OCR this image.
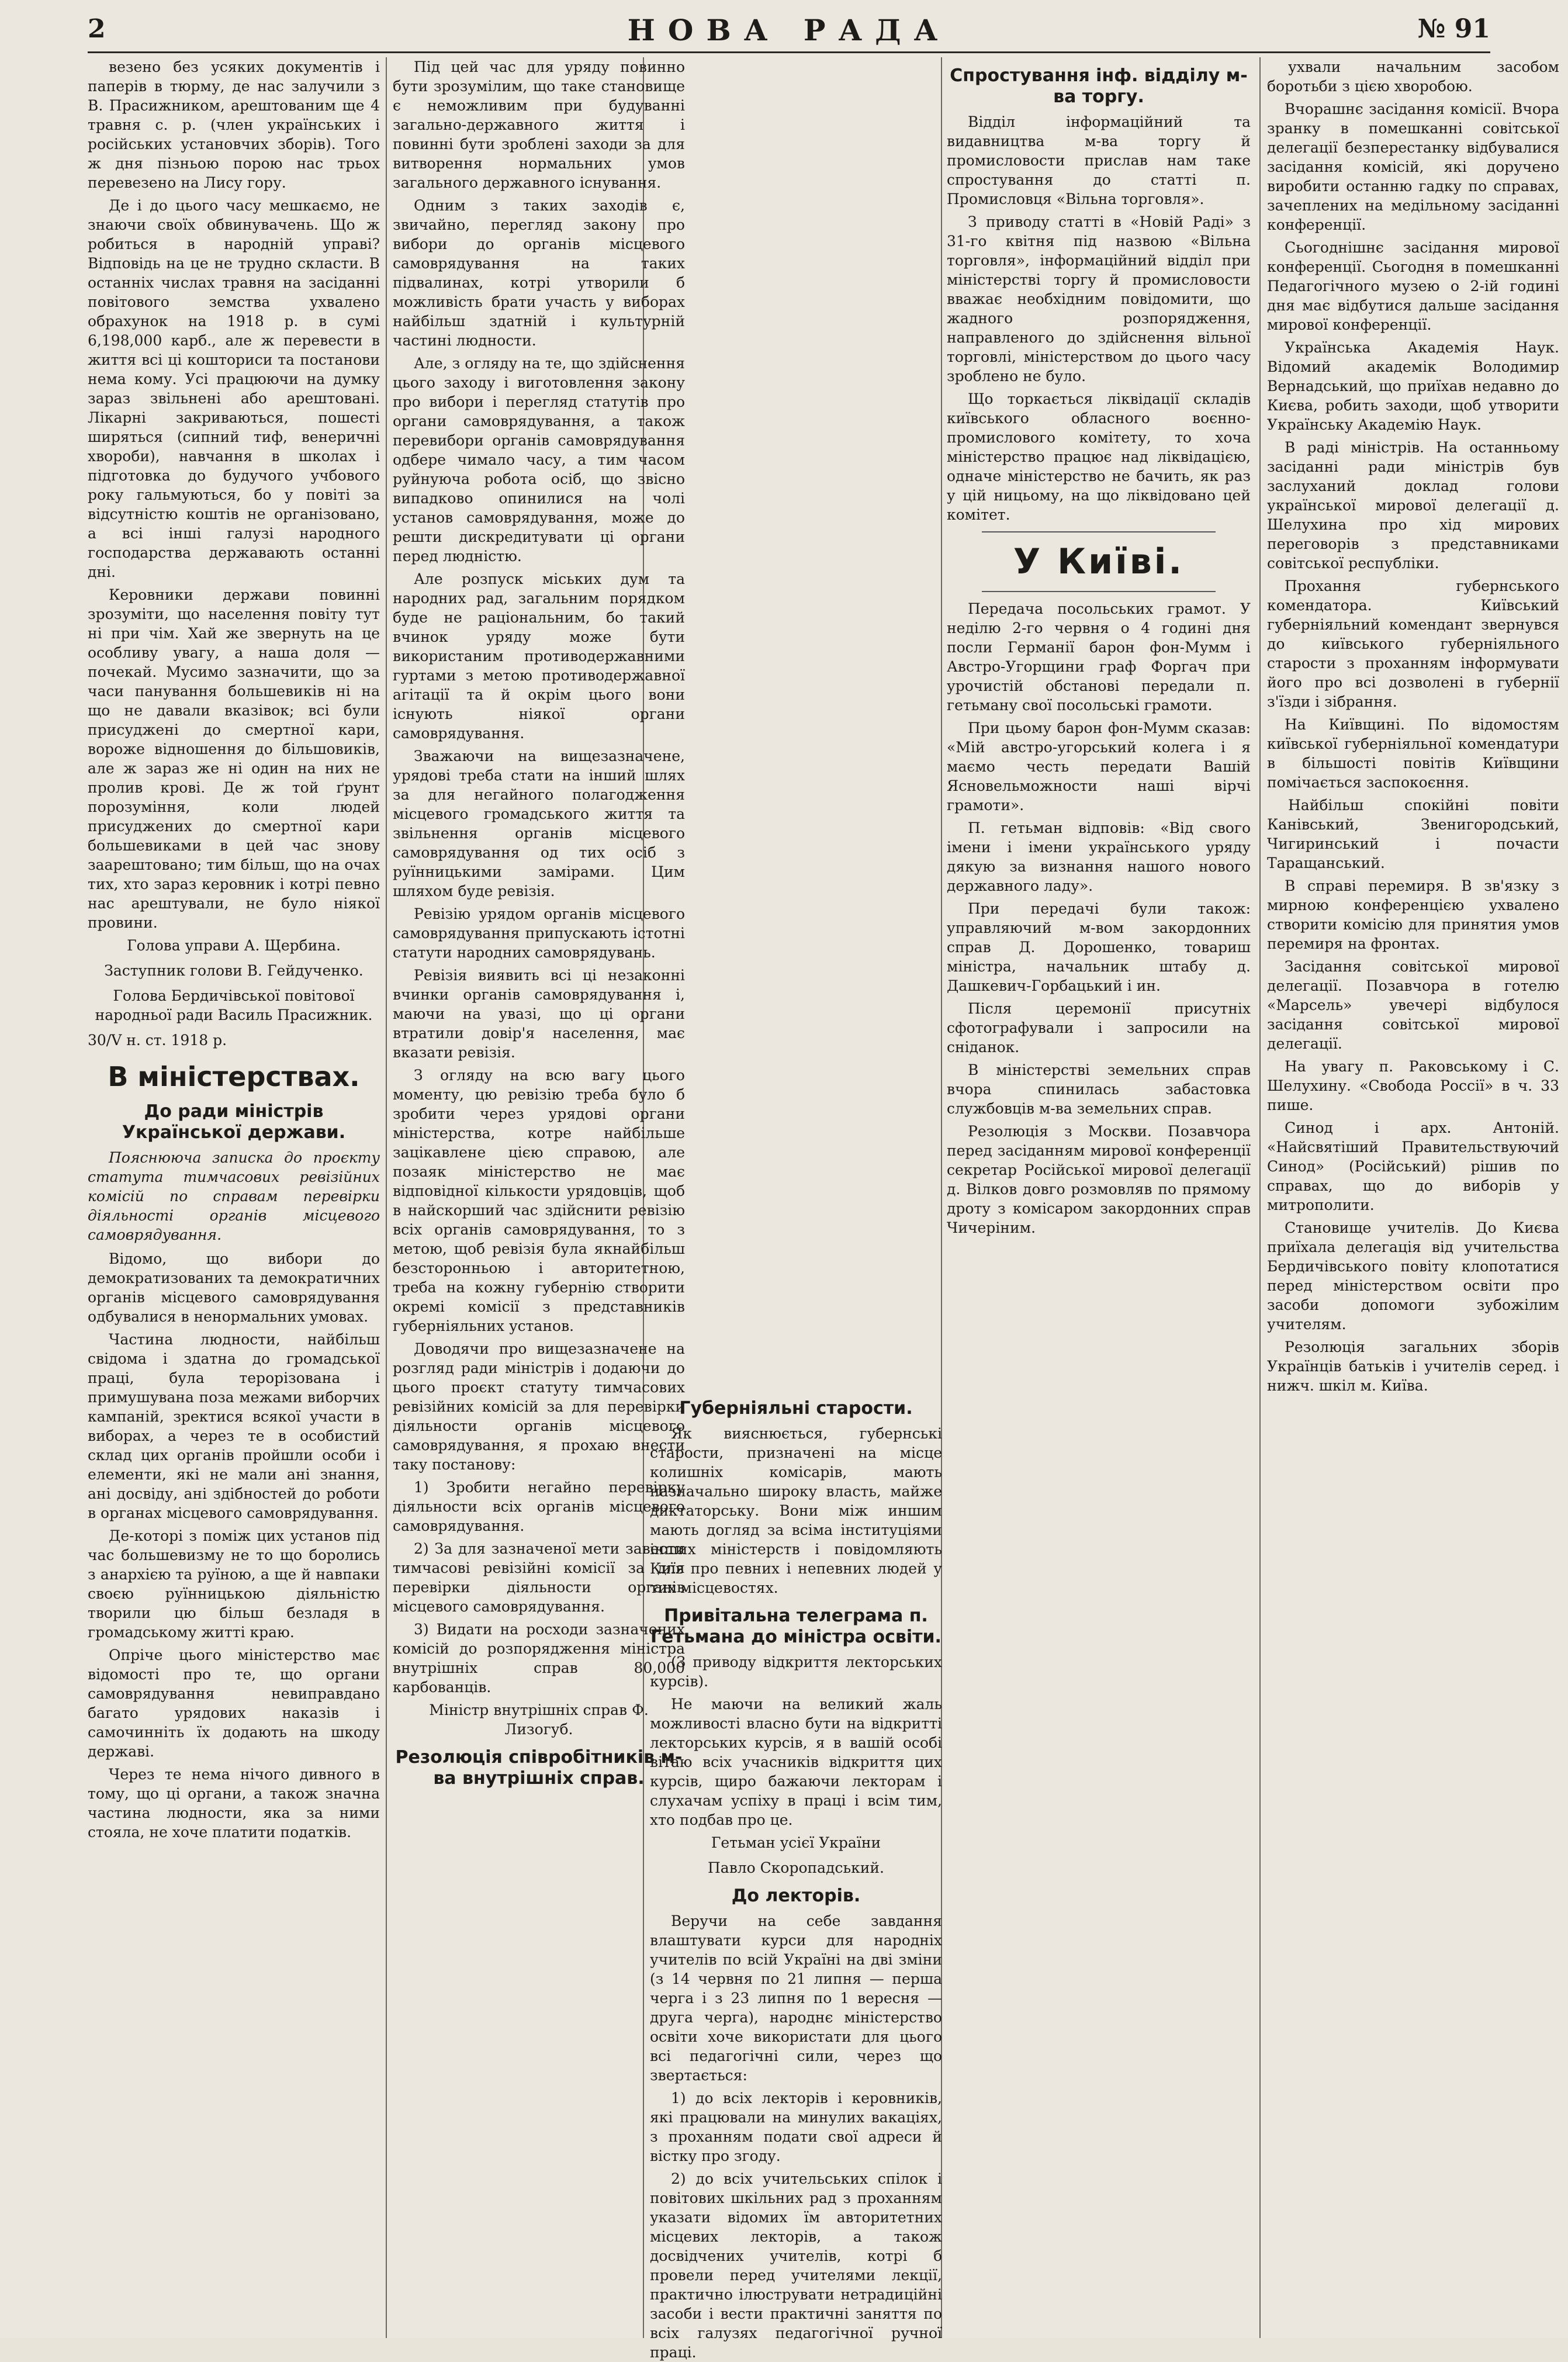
2	НОВА РАДА	№ 91

везено без усяких документів і паперів в тюрму, де нас залучили з В. Прасижником, арештованим ще 4 травня с. р. (член українських і російських установчих зборів). Того ж дня пізньою порою нас трьох перевезено на Лису гору.

Де і до цього часу мешкаємо, не знаючи своїх обвинувачень. Що ж робиться в народній управі? Відповідь на це не трудно скласти. В останніх числах травня на засіданні повітового земства ухвалено обрахунок на 1918 р. в сумі 6,198,000 карб., але ж перевести в життя всі ці кошториси та постанови нема кому. Усі працюючи на думку зараз звільнені або арештовані. Лікарні закриваються, пошесті ширяться (сипний тиф, венеричні хвороби), навчання в школах і підготовка до будучого учбового року гальмуються, бо у повіті за відсутністю коштів не організовано, а всі інші галузі народного господарства державають останні дні.

Керовники держави повинні зрозуміти, що населення повіту тут ні при чім. Хай же звернуть на це особливу увагу, а наша доля — почекай. Мусимо зазначити, що за часи панування большевиків ні на що не давали вказівок; всі були присуджені до смертної кари, вороже відношення до більшовиків, але ж зараз же ні один на них не пролив крові. Де ж той ґрунт порозуміння, коли людей присуджених до смертної кари большевиками в цей час знову заарештовано; тим більш, що на очах тих, хто зараз керовник і котрі певно нас арештували, не було ніякої провини.

Голова управи А. Щербина.

Заступник голови В. Гейдученко.

Голова Бердичівської повітової народньої ради Василь Прасижник.

30/V н. ст. 1918 р.

В міністерствах.
До ради міністрів Української держави.

Пояснююча записка до проєкту статута тимчасових ревізійних комісій по справам перевірки діяльності органів місцевого самоврядування.

Відомо, що вибори до демократизованих та демократичних органів місцевого самоврядування одбувалися в ненормальних умовах.

Частина людности, найбільш свідома і здатна до громадської праці, була терорізована і примушувана поза межами виборчих кампаній, зректися всякої участи в виборах, а через те в особистий склад цих органів пройшли особи і елементи, які не мали ані знання, ані досвіду, ані здібностей до роботи в органах місцевого самоврядування.

Де-которі з поміж цих установ під час большевизму не то що боролись з анархією та руїною, а ще й навпаки своєю руїнницькою діяльністю творили цю більш безладя в громадському житті краю.

Опріче цього міністерство має відомості про те, що органи самоврядування невиправдано багато урядових наказів і самочинніть їх додають на шкоду державі.

Через те нема нічого дивного в тому, що ці органи, а також значна частина людности, яка за ними стояла, не хоче платити податків.

Під цей час для уряду повинно бути зрозумілим, що таке становище є неможливим при будуванні загально-державного життя і повинні бути зроблені заходи за для витворення нормальних умов загального державного існування.

Одним з таких заходів є, звичайно, перегляд закону про вибори до органів місцевого самоврядування на таких підвалинах, котрі утворили б можливість брати участь у виборах найбільш здатній і культурній частині людности.

Але, з огляду на те, що здійснення цього заходу і виготовлення закону про вибори і перегляд статутів про органи самоврядування, а також перевибори органів самоврядування одбере чимало часу, а тим часом руйнуюча робота осіб, що звісно випадково опинилися на чолі установ самоврядування, може до решти дискредитувати ці органи перед людністю.

Але розпуск міських дум та народних рад, загальним порядком буде не раціональним, бо такий вчинок уряду може бути використаним противодержавними гуртами з метою противодержавної агітації та й окрім цього вони існують ніякої органи самоврядування.

Зважаючи на вищезазначене, урядові треба стати на інший шлях за для негайного полагодження місцевого громадського життя та звільнення органів місцевого самоврядування од тих осіб з руїнницькими замірами. Цим шляхом буде ревізія.

Ревізію урядом органів місцевого самоврядування припускають істотні статути народних самоврядувань.

Ревізія виявить всі ці незаконні вчинки органів самоврядування і, маючи на увазі, що ці органи втратили довір'я населення, має вказати ревізія.

З огляду на всю вагу цього моменту, цю ревізію треба було б зробити через урядові органи міністерства, котре найбільше зацікавлене цією справою, але позаяк міністерство не має відповідної кількости урядовців, щоб в найскорший час здійснити ревізію всіх органів самоврядування, то з метою, щоб ревізія була якнайбільш безсторонньою і авторитетною, треба на кожну губернію створити окремі комісії з представників губерніяльних установ.

Доводячи про вищезазначене на розгляд ради міністрів і додаючи до цього проєкт статуту тимчасових ревізійних комісій за для перевірки діяльности органів місцевого самоврядування, я прохаю внести таку постанову:

1) Зробити негайно перевірку діяльности всіх органів місцевого самоврядування.

2) За для зазначеної мети завести тимчасові ревізійні комісії за для перевірки діяльности органів місцевого самоврядування.

3) Видати на росходи зазначених комісій до розпорядження міністра внутрішніх справ 80,000 карбованців.

Міністр внутрішніх справ Ф. Лизогуб.

Резолюція співробітників м-ва внутрішніх справ.
Губерніяльні старости.

Як вияснюється, губернські старости, призначені на місце колишніх комісарів, мають назначально широку власть, майже диктаторську. Вони між иншим мають догляд за всіма інституціями інших міністерств і повідомляють Київ про певних і непевних людей у тих місцевостях.

Привітальна телеграма п. Гетьмана до міністра освіти.

(З приводу відкриття лекторських курсів).

Не маючи на великий жаль можливості власно бути на відкритті лекторських курсів, я в вашій особі вітаю всіх учасників відкриття цих курсів, щиро бажаючи лекторам і слухачам успіху в праці і всім тим, хто подбав про це.

Гетьман усієї України

Павло Скоропадський.

До лекторів.

Веручи на себе завдання влаштувати курси для народніх учителів по всій Україні на дві зміни (з 14 червня по 21 липня — перша черга і з 23 липня по 1 вересня — друга черга), народнє міністерство освіти хоче використати для цього всі педагогічні сили, через що звертається:

1) до всіх лекторів і керовників, які працювали на минулих вакаціях, з проханням подати свої адреси й вістку про згоду.

2) до всіх учительських спілок і повітових шкільних рад з проханням указати відомих їм авторитетних місцевих лекторів, а також досвідчених учителів, котрі б провели перед учителями лекції, практично ілюструвати нетрадиційні засоби і вести практичні заняття по всіх галузях педагогічної ручної праці.

Спростування інф. відділу м-ва торгу.

Відділ інформаційний та видавництва м-ва торгу й промисловости прислав нам таке спростування до статті п. Промисловця «Вільна торговля».

З приводу статті в «Новій Раді» з 31-го квітня під назвою «Вільна торговля», інформаційний відділ при міністерстві торгу й промисловости вважає необхідним повідомити, що жадного розпорядження, направленого до здійснення вільної торговлі, міністерством до цього часу зроблено не було.

Що торкається ліквідації складів київського обласного воєнно-промислового комітету, то хоча міністерство працює над ліквідацією, одначе міністерство не бачить, як раз у цій ницьому, на що ліквідовано цей комітет.

У Київі.

Передача посольських грамот. У неділю 2-го червня о 4 годині дня посли Германії барон фон-Мумм і Австро-Угорщини граф Форгач при урочистій обстанові передали п. гетьману свої посольські грамоти.

При цьому барон фон-Мумм сказав: «Мій австро-угорський колега і я маємо честь передати Вашій Ясновельможности наші вірчі грамоти».

П. гетьман відповів: «Від свого імени і імени українського уряду дякую за визнання нашого нового державного ладу».

При передачі були також: управляючий м-вом закордонних справ Д. Дорошенко, товариш міністра, начальник штабу д. Дашкевич-Горбацький і ин.

Після церемонії присутніх сфотографували і запросили на сніданок.

В міністерстві земельних справ вчора спинилась забастовка службовців м-ва земельних справ.

Резолюція з Москви. Позавчора перед засіданням мирової конференції секретар Російської мирової делегації д. Вілков довго розмовляв по прямому дроту з комісаром закордонних справ Чичеріним.

ухвали начальним засобом боротьби з цією хворобою.

Вчорашнє засідання комісії. Вчора зранку в помешканні совітської делегації безперестанку відбувалися засідання комісій, які доручено виробити останню гадку по справах, зачеплених на медільному засіданні конференції.

Сьогоднішнє засідання мирової конференції. Сьогодня в помешканні Педагогічного музею о 2-ій годині дня має відбутися дальше засідання мирової конференції.

Українська Академія Наук. Відомий академік Володимир Вернадський, що приїхав недавно до Києва, робить заходи, щоб утворити Українську Академію Наук.

В раді міністрів. На останньому засіданні ради міністрів був заслуханий доклад голови української мирової делегації д. Шелухина про хід мирових переговорів з представниками совітської республіки.

Прохання губернського комендатора. Київський губерніяльний комендант звернувся до київського губерніяльного старости з проханням інформувати його про всі дозволені в губернії з'їзди і зібрання.

На Київщині. По відомостям київської губерніяльної комендатури в більшості повітів Київщини помічається заспокоєння.

Найбільш спокійні повіти Канівський, Звенигородський, Чигиринський і почасти Таращанський.

В справі перемиря. В зв'язку з мирною конференцією ухвалено створити комісію для принятия умов перемиря на фронтах.

Засідання совітської мирової делегації. Позавчора в готелю «Марсель» увечері відбулося засідання совітської мирової делегації.

На увагу п. Раковському і С. Шелухину. «Свобода Россії» в ч. 33 пише.

Синод і арх. Антоній. «Найсвятіший Правительствуючий Синод» (Російський) рішив по справах, що до виборів у митрополити.

Становище учителів. До Києва приїхала делегація від учительства Бердичівського повіту клопотатися перед міністерством освіти про засоби допомоги зубожілим учителям.

Резолюція загальних зборів Українців батьків і учителів серед. і нижч. шкіл м. Київа.
